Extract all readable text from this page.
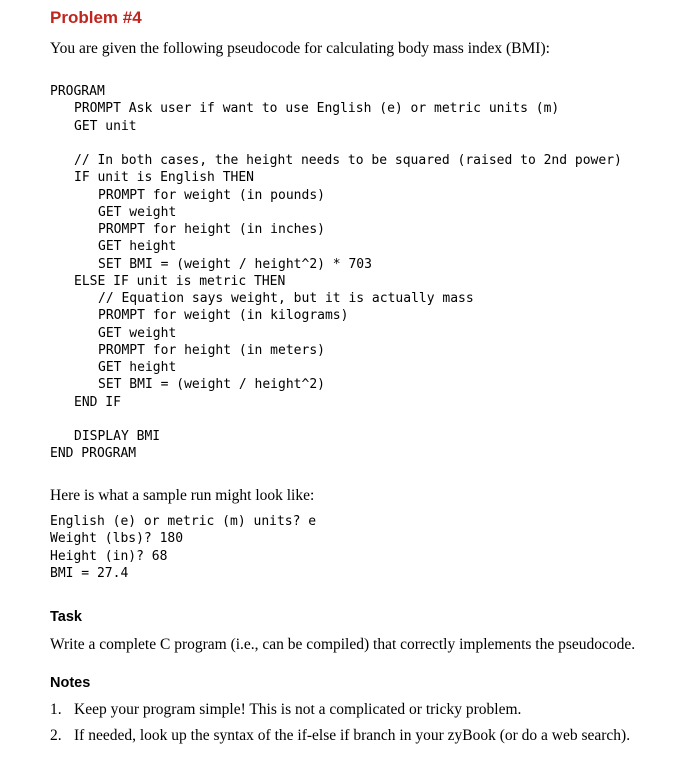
Problem #4

You are given the following pseudocode for calculating body mass index (BMI):

PROGRAM
PROMPT Ask user if want to use English (e) or metric units (m)
GET unit
// In both cases, the height needs to be squared (raised to 2nd power)
IF unit is English THEN
PROMPT for weight (in pounds)
GET weight
PROMPT for height (in inches)
GET height
SET BMI = (weight / height^2) * 703
ELSE IF unit is metric THEN
// Equation says weight, but it is actually mass
PROMPT for weight (in kilograms)
GET weight
PROMPT for height (in meters)
GET height
SET BMI = (weight / height^2)
END IF
DISPLAY BMI
END PROGRAM

Here is what a sample run might look like:

English (e) or metric (m) units? e
Weight (lbs)? 180
Height (in)? 68
BMI = 27.4
Task

Write a complete C program (i.e., can be compiled) that correctly implements the pseudocode.

Notes
1. Keep your program simple! This is not a complicated or tricky problem.
2. If needed, look up the syntax of the if-else if branch in your zyBook (or do a web search).
